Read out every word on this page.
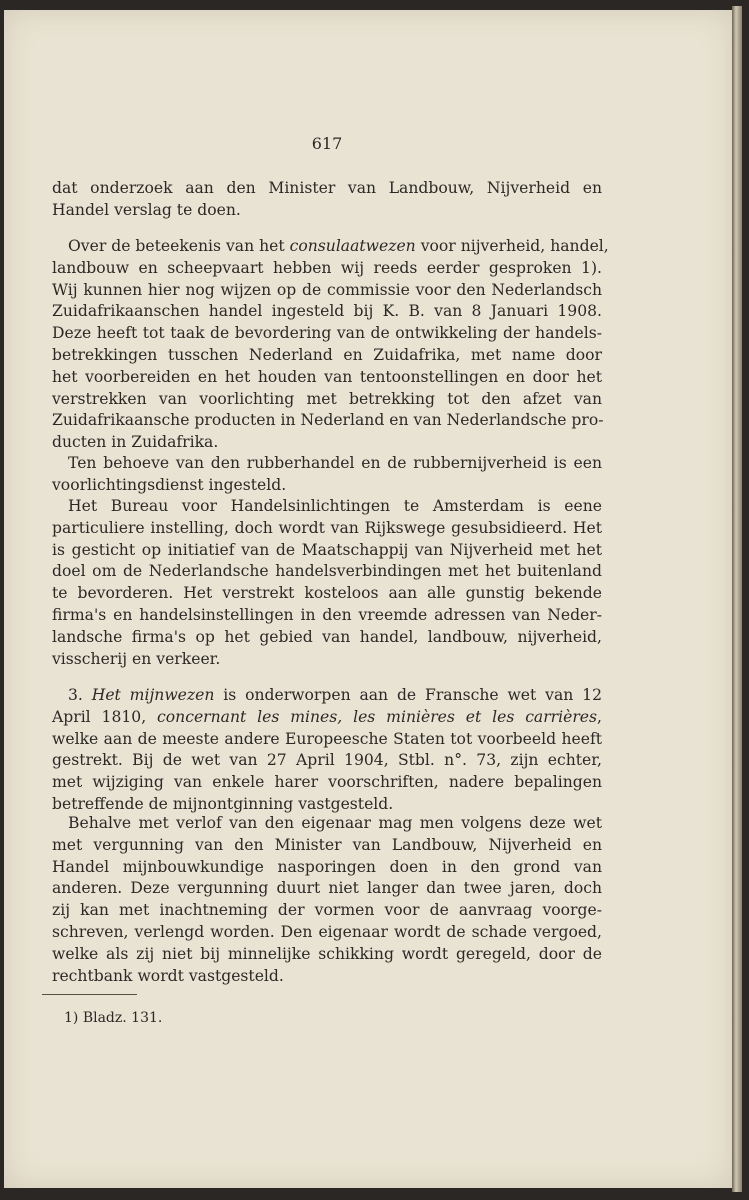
617
dat onderzoek aan den Minister van Landbouw, Nijverheid en
Handel verslag te doen.
Over de beteekenis van het consulaatwezen voor nijverheid, handel,
landbouw en scheepvaart hebben wij reeds eerder gesproken 1).
Wij kunnen hier nog wijzen op de commissie voor den Nederlandsch
Zuidafrikaanschen handel ingesteld bij K. B. van 8 Januari 1908.
Deze heeft tot taak de bevordering van de ontwikkeling der handels-
betrekkingen tusschen Nederland en Zuidafrika, met name door
het voorbereiden en het houden van tentoonstellingen en door het
verstrekken van voorlichting met betrekking tot den afzet van
Zuidafrikaansche producten in Nederland en van Nederlandsche pro-
ducten in Zuidafrika.
Ten behoeve van den rubberhandel en de rubbernijverheid is een
voorlichtingsdienst ingesteld.
Het Bureau voor Handelsinlichtingen te Amsterdam is eene
particuliere instelling, doch wordt van Rijkswege gesubsidieerd. Het
is gesticht op initiatief van de Maatschappij van Nijverheid met het
doel om de Nederlandsche handelsverbindingen met het buitenland
te bevorderen. Het verstrekt kosteloos aan alle gunstig bekende
firma's en handelsinstellingen in den vreemde adressen van Neder-
landsche firma's op het gebied van handel, landbouw, nijverheid,
visscherij en verkeer.
3. Het mijnwezen is onderworpen aan de Fransche wet van 12
April 1810, concernant les mines, les minières et les carrières,
welke aan de meeste andere Europeesche Staten tot voorbeeld heeft
gestrekt. Bij de wet van 27 April 1904, Stbl. n°. 73, zijn echter,
met wijziging van enkele harer voorschriften, nadere bepalingen
betreffende de mijnontginning vastgesteld.
Behalve met verlof van den eigenaar mag men volgens deze wet
met vergunning van den Minister van Landbouw, Nijverheid en
Handel mijnbouwkundige nasporingen doen in den grond van
anderen. Deze vergunning duurt niet langer dan twee jaren, doch
zij kan met inachtneming der vormen voor de aanvraag voorge-
schreven, verlengd worden. Den eigenaar wordt de schade vergoed,
welke als zij niet bij minnelijke schikking wordt geregeld, door de
rechtbank wordt vastgesteld.
1) Bladz. 131.
